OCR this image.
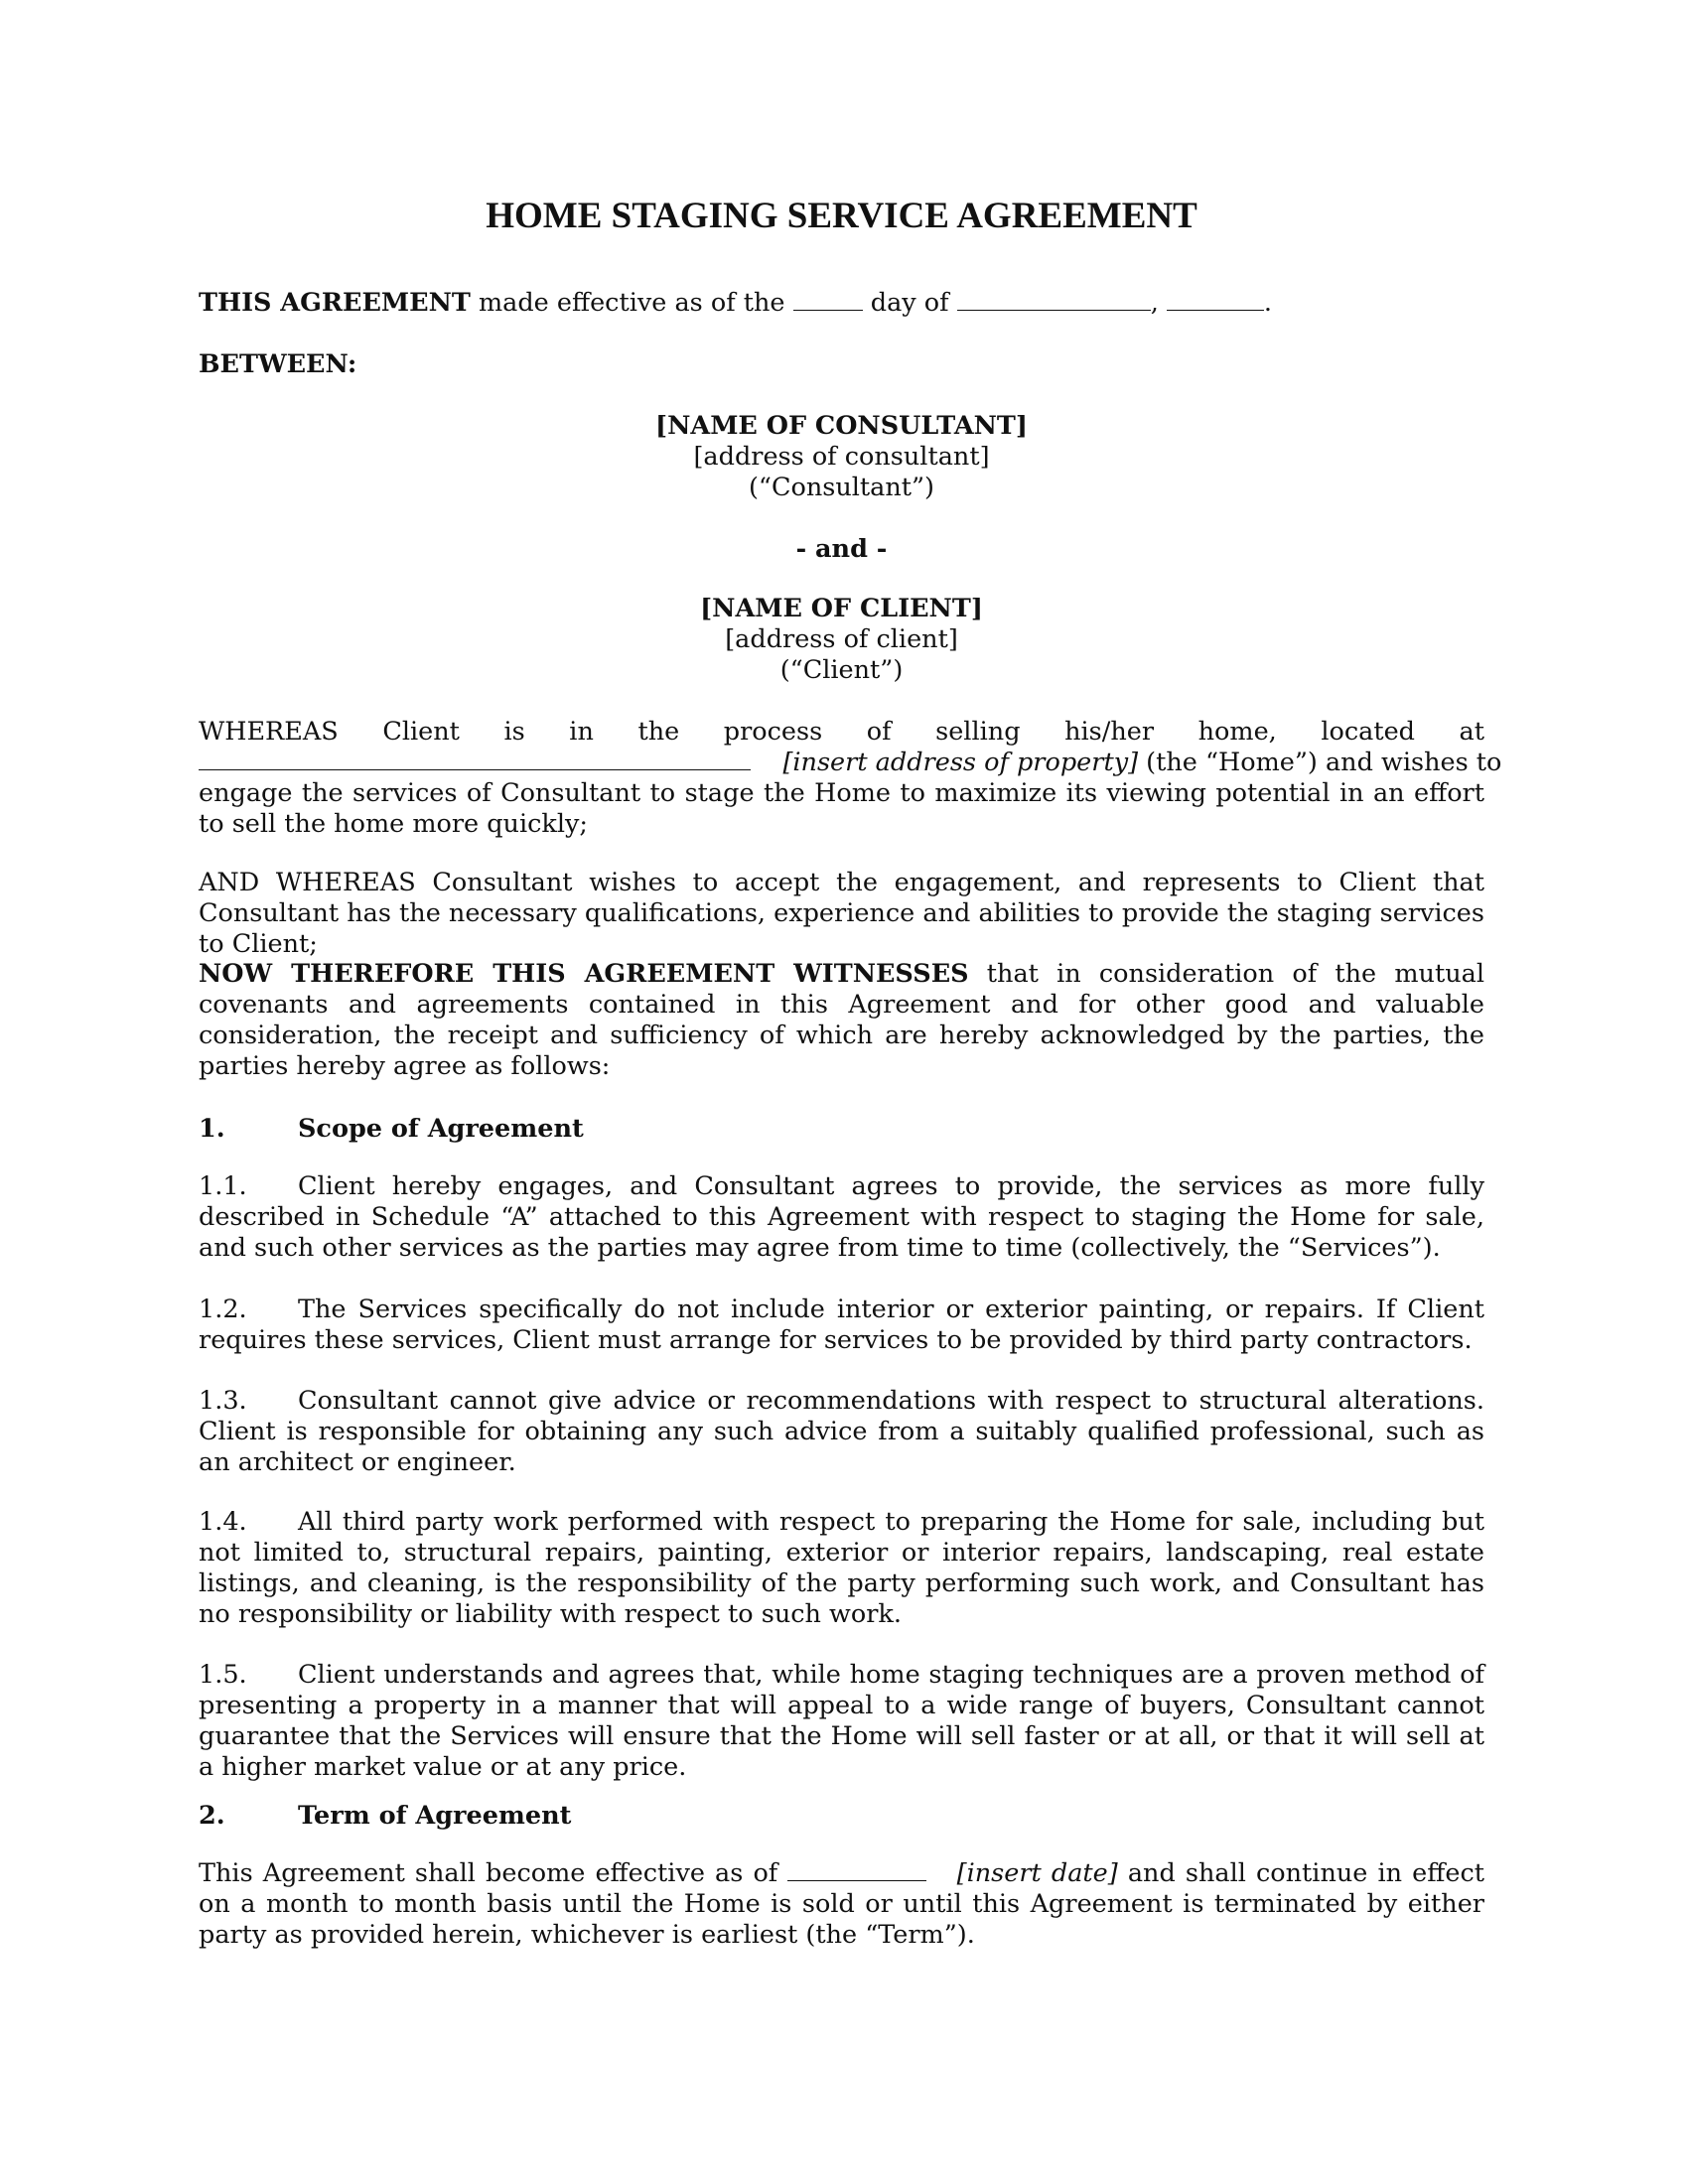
HOME STAGING SERVICE AGREEMENT
THIS AGREEMENT made effective as of the	day of	,	.
BETWEEN:
[NAME OF CONSULTANT]
[address of consultant]
(“Consultant”)
- and -
[NAME OF CLIENT]
[address of client]
(“Client”)
WHEREAS Client is in the process of selling his/her home, located at
[insert address of property] (the “Home”) and wishes to
engage the services of Consultant to stage the Home to maximize its viewing potential in an effort to sell the home more quickly;
AND WHEREAS Consultant wishes to accept the engagement, and represents to Client that Consultant has the necessary qualifications, experience and abilities to provide the staging services to Client;
NOW THEREFORE THIS AGREEMENT WITNESSES that in consideration of the mutual covenants and agreements contained in this Agreement and for other good and valuable consideration, the receipt and sufficiency of which are hereby acknowledged by the parties, the parties hereby agree as follows:
1.	Scope of Agreement
1.1. Client hereby engages, and Consultant agrees to provide, the services as more fully described in Schedule “A” attached to this Agreement with respect to staging the Home for sale, and such other services as the parties may agree from time to time (collectively, the “Services”).
1.2. The Services specifically do not include interior or exterior painting, or repairs. If Client requires these services, Client must arrange for services to be provided by third party contractors.
1.3. Consultant cannot give advice or recommendations with respect to structural alterations. Client is responsible for obtaining any such advice from a suitably qualified professional, such as an architect or engineer.
1.4. All third party work performed with respect to preparing the Home for sale, including but not limited to, structural repairs, painting, exterior or interior repairs, landscaping, real estate listings, and cleaning, is the responsibility of the party performing such work, and Consultant has no responsibility or liability with respect to such work.
1.5. Client understands and agrees that, while home staging techniques are a proven method of presenting a property in a manner that will appeal to a wide range of buyers, Consultant cannot guarantee that the Services will ensure that the Home will sell faster or at all, or that it will sell at a higher market value or at any price.
2.	Term of Agreement
This Agreement shall become effective as of	[insert date] and shall continue in effect on a month to month basis until the Home is sold or until this Agreement is terminated by either party as provided herein, whichever is earliest (the “Term”).
